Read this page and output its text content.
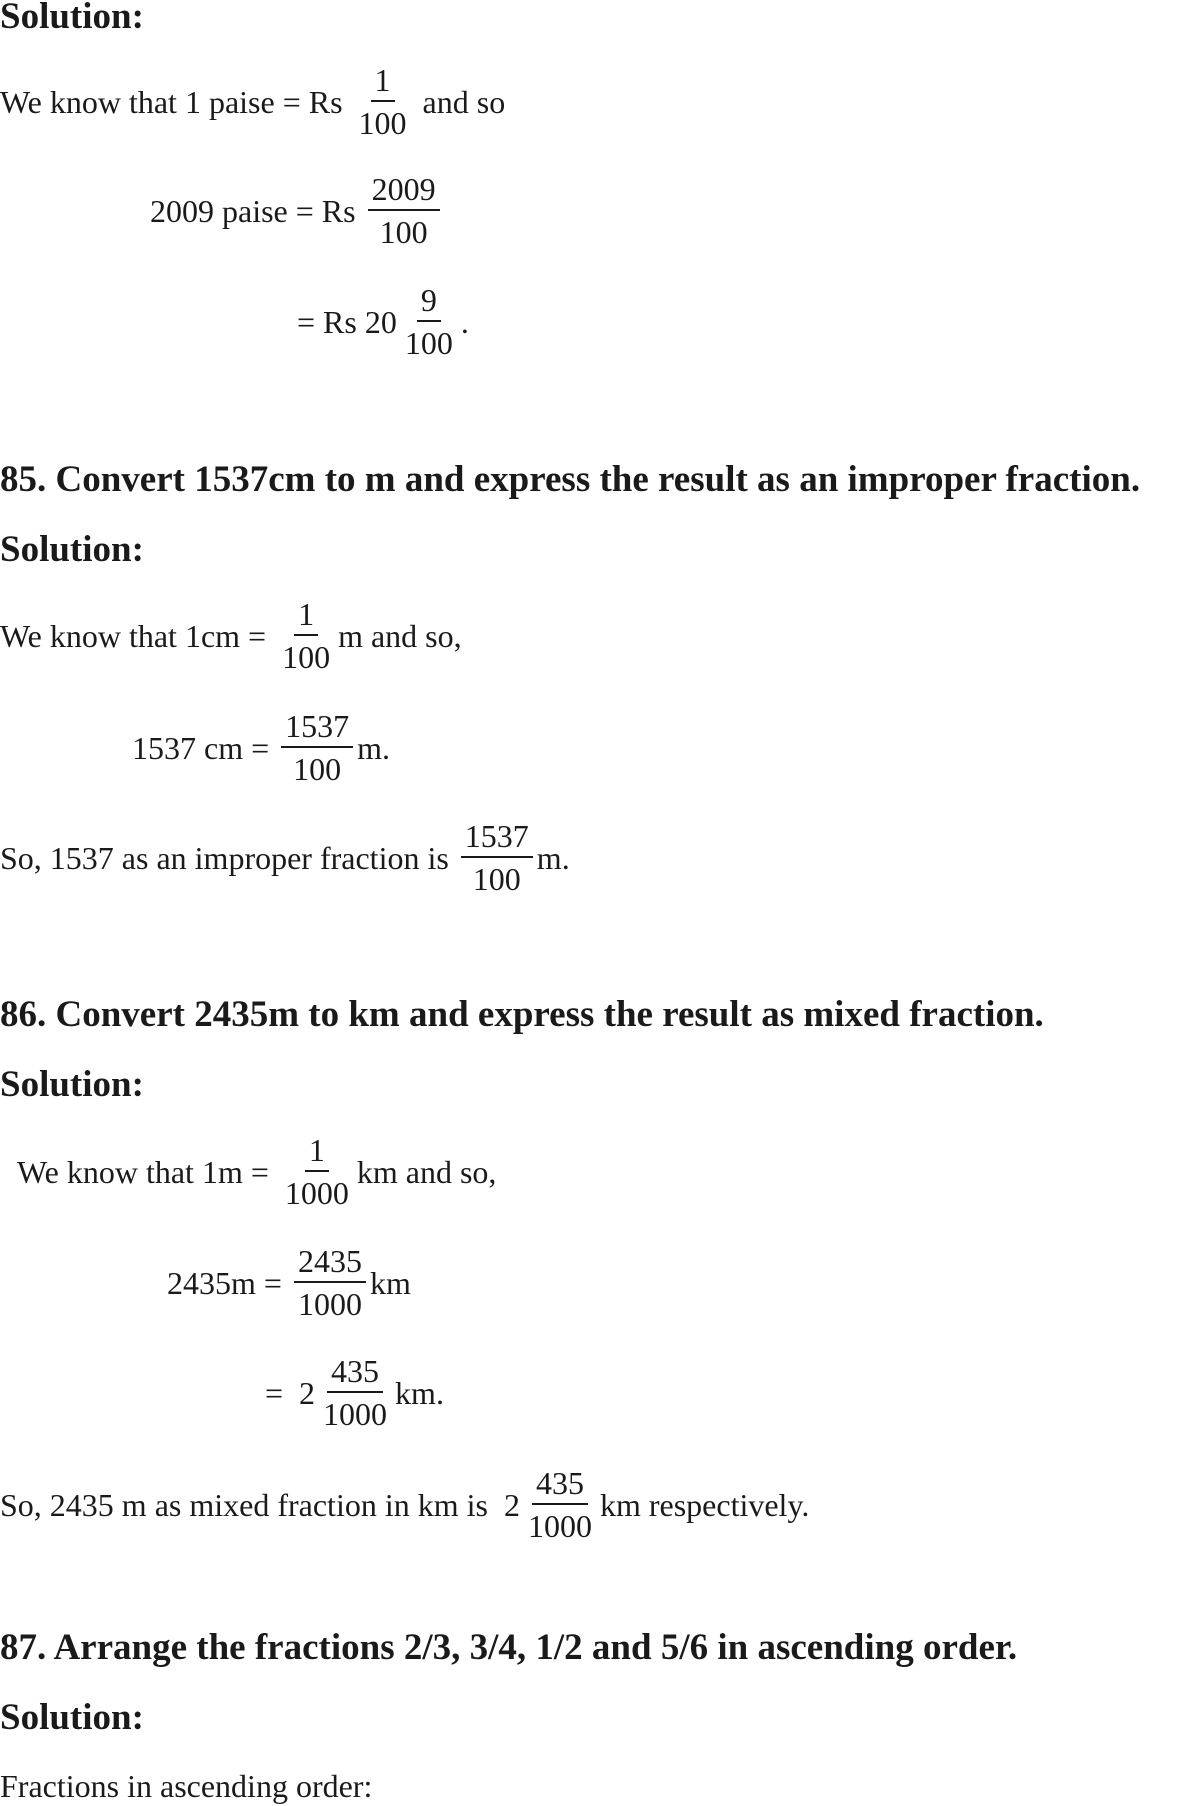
Solution:
We know that 1 paise = Rs $\frac{1}{100}$ and so
2009 paise = Rs $\frac{2009}{100}$
= Rs $20 \frac{9}{100}$ .
85. Convert 1537cm to m and express the result as an improper fraction.
Solution:
We know that $1cm = \frac{1}{100}$ m and so,
1537 cm = $\frac{1537}{100} m$.
So, 1537 as an improper fraction is $\frac{1537}{100} m$.
86. Convert 2435m to km and express the result as mixed fraction.
Solution:
We know that $1m = \frac{1}{1000}$ km and so,
$2435m = \frac{2435}{1000}$ km
=  $2 \frac{435}{1000}$ km.
So, 2435 m as mixed fraction in km is  $2 \frac{435}{1000}$ km respectively.
87. Arrange the fractions 2/3, 3/4, 1/2 and 5/6 in ascending order.
Solution:
Fractions in ascending order:
